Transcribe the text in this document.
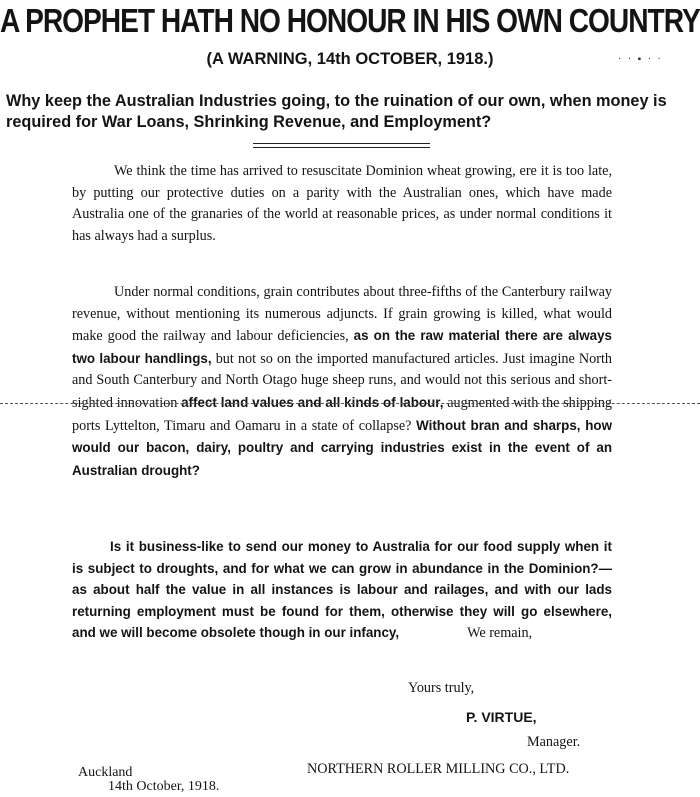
A PROPHET HATH NO HONOUR IN HIS OWN COUNTRY
(A WARNING, 14th OCTOBER, 1918.)	· · ▪ · ·
Why keep the Australian Industries going, to the ruination of our own, when money is required for War Loans, Shrinking Revenue, and Employment?
We think the time has arrived to resuscitate Dominion wheat growing, ere it is too late, by putting our protective duties on a parity with the Australian ones, which have made Australia one of the granaries of the world at reasonable prices, as under normal conditions it has always had a surplus.
Under normal conditions, grain contributes about three-fifths of the Canterbury railway revenue, without mentioning its numerous adjuncts. If grain growing is killed, what would make good the railway and labour deficiencies, as on the raw material there are always two labour handlings, but not so on the imported manufactured articles. Just imagine North and South Canterbury and North Otago huge sheep runs, and would not this serious and short-sighted innovation affect land values and all kinds of labour, augmented with the shipping ports Lyttelton, Timaru and Oamaru in a state of collapse? Without bran and sharps, how would our bacon, dairy, poultry and carrying industries exist in the event of an Australian drought?
Is it business-like to send our money to Australia for our food supply when it is subject to droughts, and for what we can grow in abundance in the Dominion?—as about half the value in all instances is labour and railages, and with our lads returning employment must be found for them, otherwise they will go elsewhere, and we will become obsolete though in our infancy,	We remain,
Yours truly,
P. VIRTUE,
Manager.
NORTHERN ROLLER MILLING CO., LTD.
Auckland
14th October, 1918.
